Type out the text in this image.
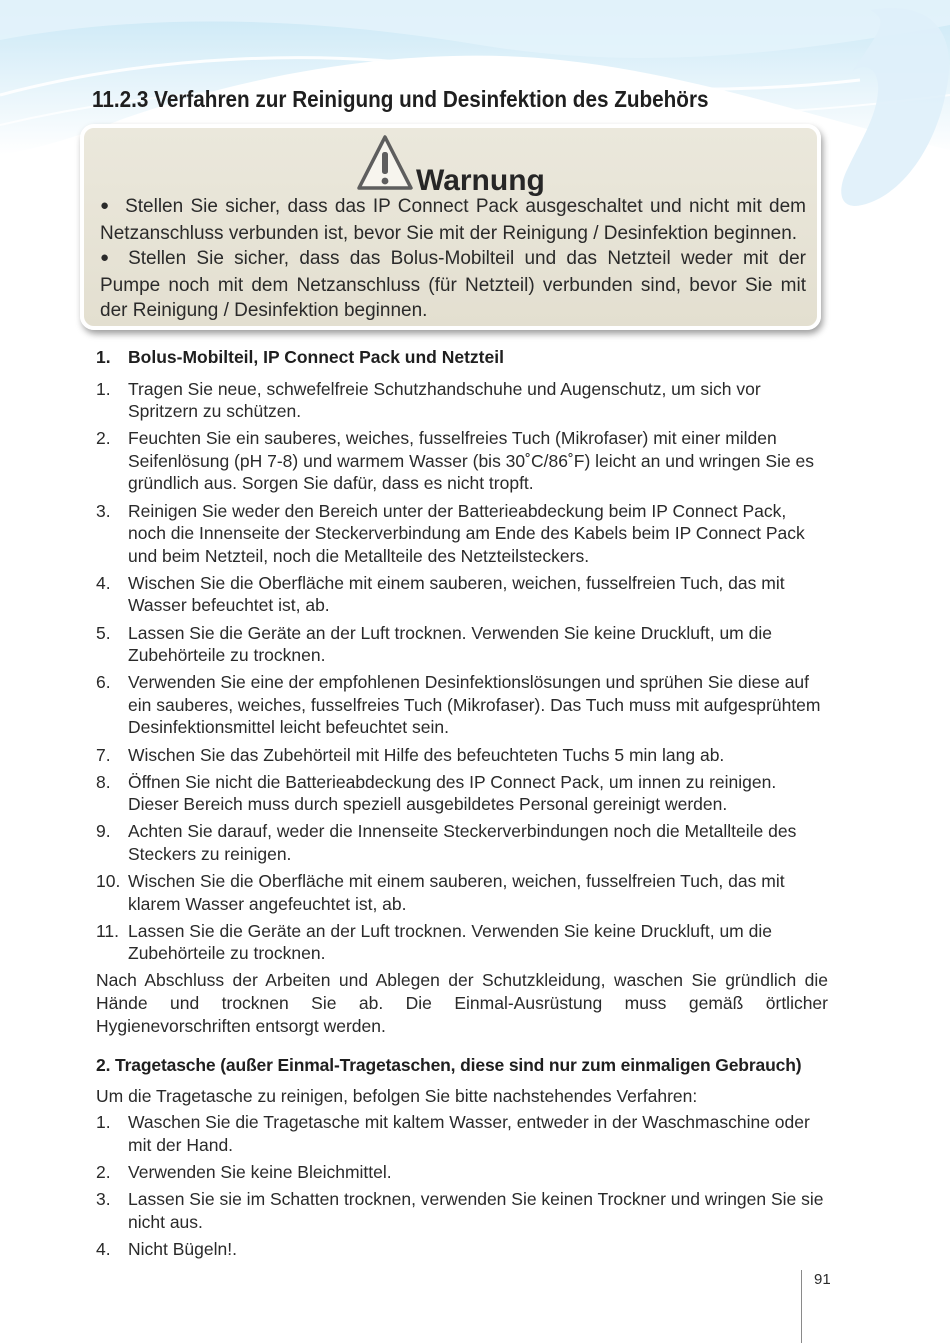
11.2.3 Verfahren zur Reinigung und Desinfektion des Zubehörs
Warnung

● Stellen Sie sicher, dass das IP Connect Pack ausgeschaltet und nicht mit dem Netzanschluss verbunden ist, bevor Sie mit der Reinigung / Desinfektion beginnen.

● Stellen Sie sicher, dass das Bolus-Mobilteil und das Netzteil weder mit der Pumpe noch mit dem Netzanschluss (für Netzteil) verbunden sind, bevor Sie mit der Reinigung / Desinfektion beginnen.

1. Bolus-Mobilteil, IP Connect Pack und Netzteil
1. Tragen Sie neue, schwefelfreie Schutzhandschuhe und Augenschutz, um sich vor Spritzern zu schützen.
2. Feuchten Sie ein sauberes, weiches, fusselfreies Tuch (Mikrofaser) mit einer milden Seifenlösung (pH 7-8) und warmem Wasser (bis 30˚C/86˚F) leicht an und wringen Sie es gründlich aus. Sorgen Sie dafür, dass es nicht tropft.
3. Reinigen Sie weder den Bereich unter der Batterieabdeckung beim IP Connect Pack, noch die Innenseite der Steckerverbindung am Ende des Kabels beim IP Connect Pack und beim Netzteil, noch die Metallteile des Netzteilsteckers.
4. Wischen Sie die Oberfläche mit einem sauberen, weichen, fusselfreien Tuch, das mit Wasser befeuchtet ist, ab.
5. Lassen Sie die Geräte an der Luft trocknen. Verwenden Sie keine Druckluft, um die Zubehörteile zu trocknen.
6. Verwenden Sie eine der empfohlenen Desinfektionslösungen und sprühen Sie diese auf ein sauberes, weiches, fusselfreies Tuch (Mikrofaser). Das Tuch muss mit aufgesprühtem Desinfektionsmittel leicht befeuchtet sein.
7. Wischen Sie das Zubehörteil mit Hilfe des befeuchteten Tuchs 5 min lang ab.
8. Öffnen Sie nicht die Batterieabdeckung des IP Connect Pack, um innen zu reinigen. Dieser Bereich muss durch speziell ausgebildetes Personal gereinigt werden.
9. Achten Sie darauf, weder die Innenseite Steckerverbindungen noch die Metallteile des Steckers zu reinigen.
10. Wischen Sie die Oberfläche mit einem sauberen, weichen, fusselfreien Tuch, das mit klarem Wasser angefeuchtet ist, ab.
11. Lassen Sie die Geräte an der Luft trocknen. Verwenden Sie keine Druckluft, um die Zubehörteile zu trocknen.

Nach Abschluss der Arbeiten und Ablegen der Schutzkleidung, waschen Sie gründlich die Hände und trocknen Sie ab. Die Einmal-Ausrüstung muss gemäß örtlicher Hygienevorschriften entsorgt werden.

2. Tragetasche (außer Einmal-Tragetaschen, diese sind nur zum einmaligen Gebrauch)

Um die Tragetasche zu reinigen, befolgen Sie bitte nachstehendes Verfahren:

1. Waschen Sie die Tragetasche mit kaltem Wasser, entweder in der Waschmaschine oder mit der Hand.
2. Verwenden Sie keine Bleichmittel.
3. Lassen Sie sie im Schatten trocknen, verwenden Sie keinen Trockner und wringen Sie sie nicht aus.
4. Nicht Bügeln!.
91
